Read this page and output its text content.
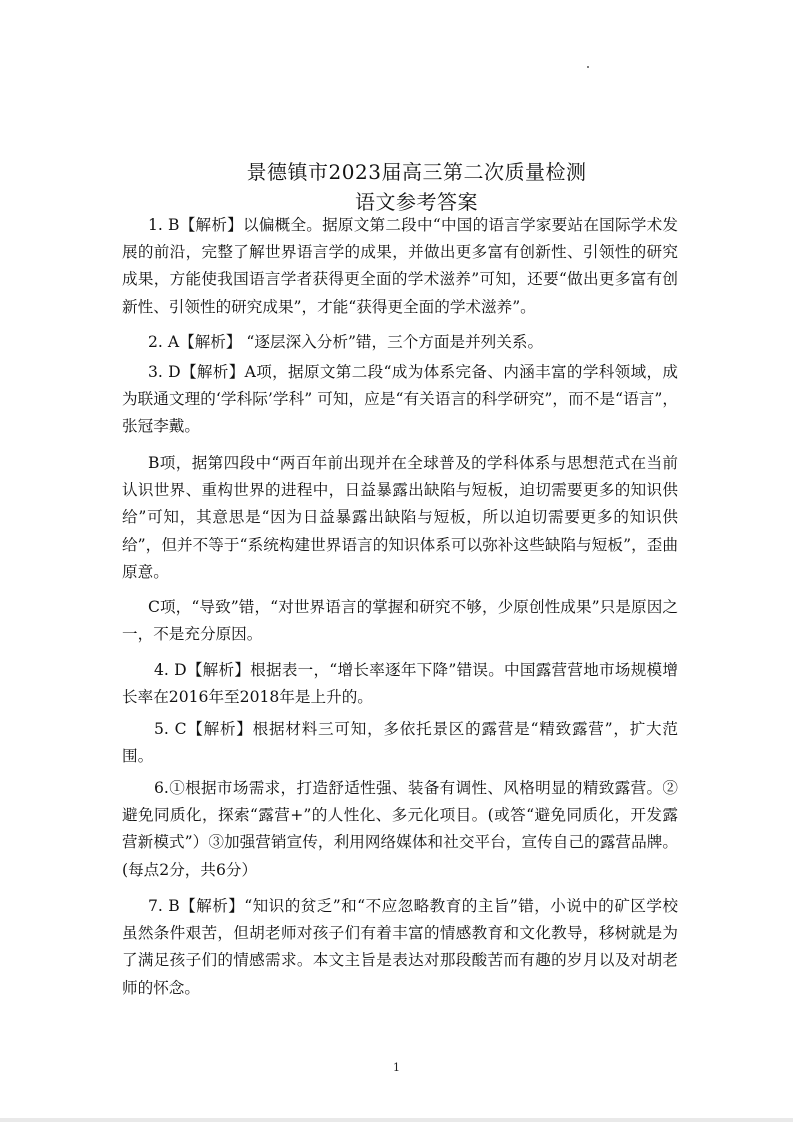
景德镇市2023届高三第二次质量检测
语文参考答案

1. B【解析】以偏概全。据原文第二段中“中国的语言学家要站在国际学术发展的前沿，完整了解世界语言学的成果，并做出更多富有创新性、引领性的研究成果，方能使我国语言学者获得更全面的学术滋养”可知，还要“做出更多富有创新性、引领性的研究成果”，才能“获得更全面的学术滋养”。

2. A【解析】 “逐层深入分析”错，三个方面是并列关系。

3. D【解析】A项，据原文第二段“成为体系完备、内涵丰富的学科领域，成为联通文理的‘学科际’学科” 可知，应是“有关语言的科学研究”，而不是“语言”，张冠李戴。

B项，据第四段中“两百年前出现并在全球普及的学科体系与思想范式在当前认识世界、重构世界的进程中，日益暴露出缺陷与短板，迫切需要更多的知识供给”可知，其意思是“因为日益暴露出缺陷与短板，所以迫切需要更多的知识供给”，但并不等于“系统构建世界语言的知识体系可以弥补这些缺陷与短板”，歪曲原意。

C项，“导致”错，“对世界语言的掌握和研究不够，少原创性成果”只是原因之一，不是充分原因。

4. D【解析】根据表一，“增长率逐年下降”错误。中国露营营地市场规模增长率在2016年至2018年是上升的。

5. C【解析】根据材料三可知，多依托景区的露营是“精致露营”，扩大范围。

6.①根据市场需求，打造舒适性强、装备有调性、风格明显的精致露营。②避免同质化，探索“露营+”的人性化、多元化项目。(或答“避免同质化，开发露营新模式”）③加强营销宣传，利用网络媒体和社交平台，宣传自己的露营品牌。(每点2分，共6分）

7. B【解析】“知识的贫乏”和“不应忽略教育的主旨”错，小说中的矿区学校虽然条件艰苦，但胡老师对孩子们有着丰富的情感教育和文化教导，移树就是为了满足孩子们的情感需求。本文主旨是表达对那段酸苦而有趣的岁月以及对胡老师的怀念。

1
